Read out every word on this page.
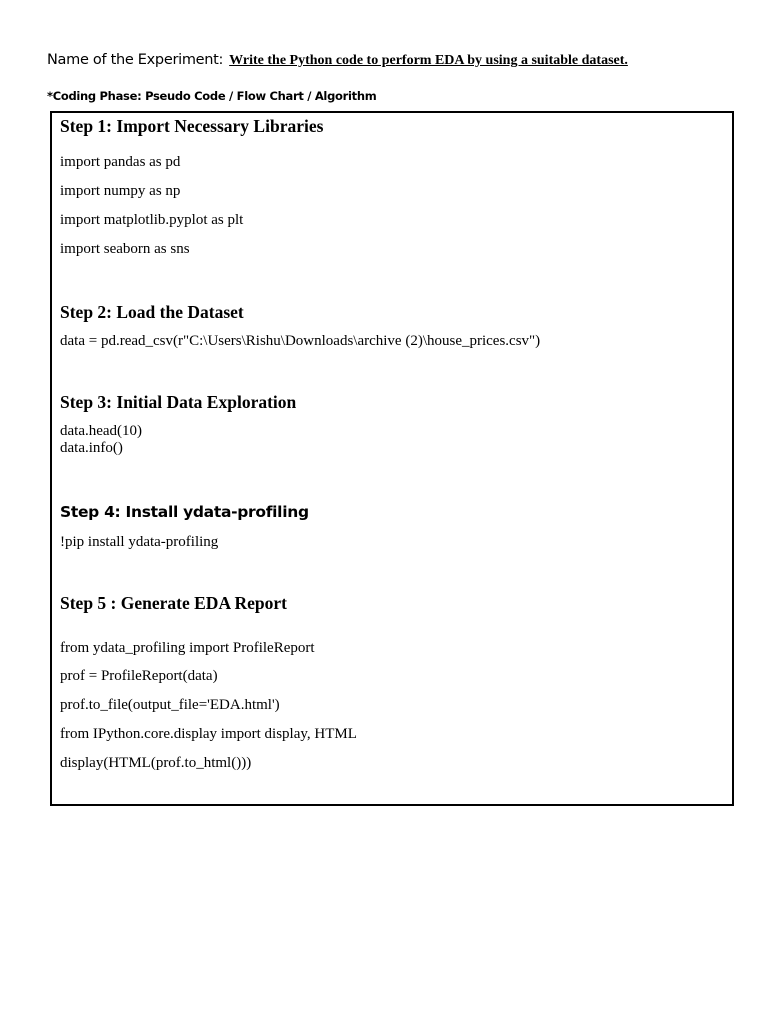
Name of the Experiment: Write the Python code to perform EDA by using a suitable dataset.
*Coding Phase: Pseudo Code / Flow Chart / Algorithm
Step 1: Import Necessary Libraries
import pandas as pd
import numpy as np
import matplotlib.pyplot as plt
import seaborn as sns
Step 2: Load the Dataset
data = pd.read_csv(r"C:\Users\Rishu\Downloads\archive (2)\house_prices.csv")
Step 3: Initial Data Exploration
data.head(10)
data.info()
Step 4: Install ydata-profiling
!pip install ydata-profiling
Step 5 : Generate EDA Report
from ydata_profiling import ProfileReport
prof = ProfileReport(data)
prof.to_file(output_file='EDA.html')
from IPython.core.display import display, HTML
display(HTML(prof.to_html()))
